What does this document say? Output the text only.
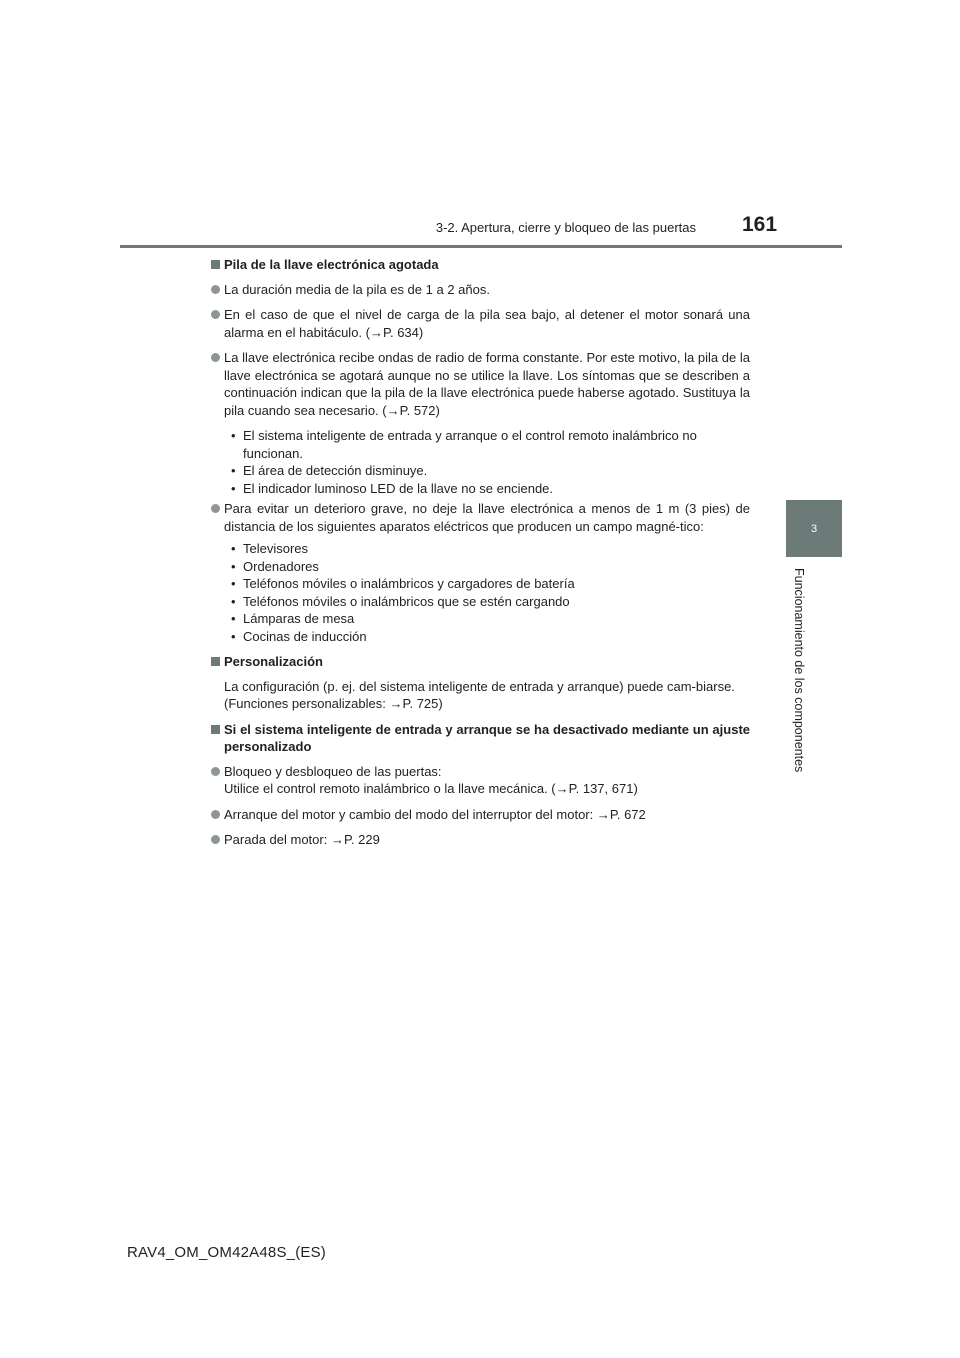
3-2. Apertura, cierre y bloqueo de las puertas 161
3
Funcionamiento de los componentes
Pila de la llave electrónica agotada
La duración media de la pila es de 1 a 2 años.
En el caso de que el nivel de carga de la pila sea bajo, al detener el motor sonará una alarma en el habitáculo. (→P. 634)
La llave electrónica recibe ondas de radio de forma constante. Por este motivo, la pila de la llave electrónica se agotará aunque no se utilice la llave. Los síntomas que se describen a continuación indican que la pila de la llave electrónica puede haberse agotado. Sustituya la pila cuando sea necesario. (→P. 572)
• El sistema inteligente de entrada y arranque o el control remoto inalámbrico no funcionan.
• El área de detección disminuye.
• El indicador luminoso LED de la llave no se enciende.
Para evitar un deterioro grave, no deje la llave electrónica a menos de 1 m (3 pies) de distancia de los siguientes aparatos eléctricos que producen un campo magné-tico:
• Televisores
• Ordenadores
• Teléfonos móviles o inalámbricos y cargadores de batería
• Teléfonos móviles o inalámbricos que se estén cargando
• Lámparas de mesa
• Cocinas de inducción
Personalización
La configuración (p. ej. del sistema inteligente de entrada y arranque) puede cam-biarse.
(Funciones personalizables: →P. 725)
Si el sistema inteligente de entrada y arranque se ha desactivado mediante un ajuste personalizado
Bloqueo y desbloqueo de las puertas:
Utilice el control remoto inalámbrico o la llave mecánica. (→P. 137, 671)
Arranque del motor y cambio del modo del interruptor del motor: →P. 672
Parada del motor: →P. 229
RAV4_OM_OM42A48S_(ES)
